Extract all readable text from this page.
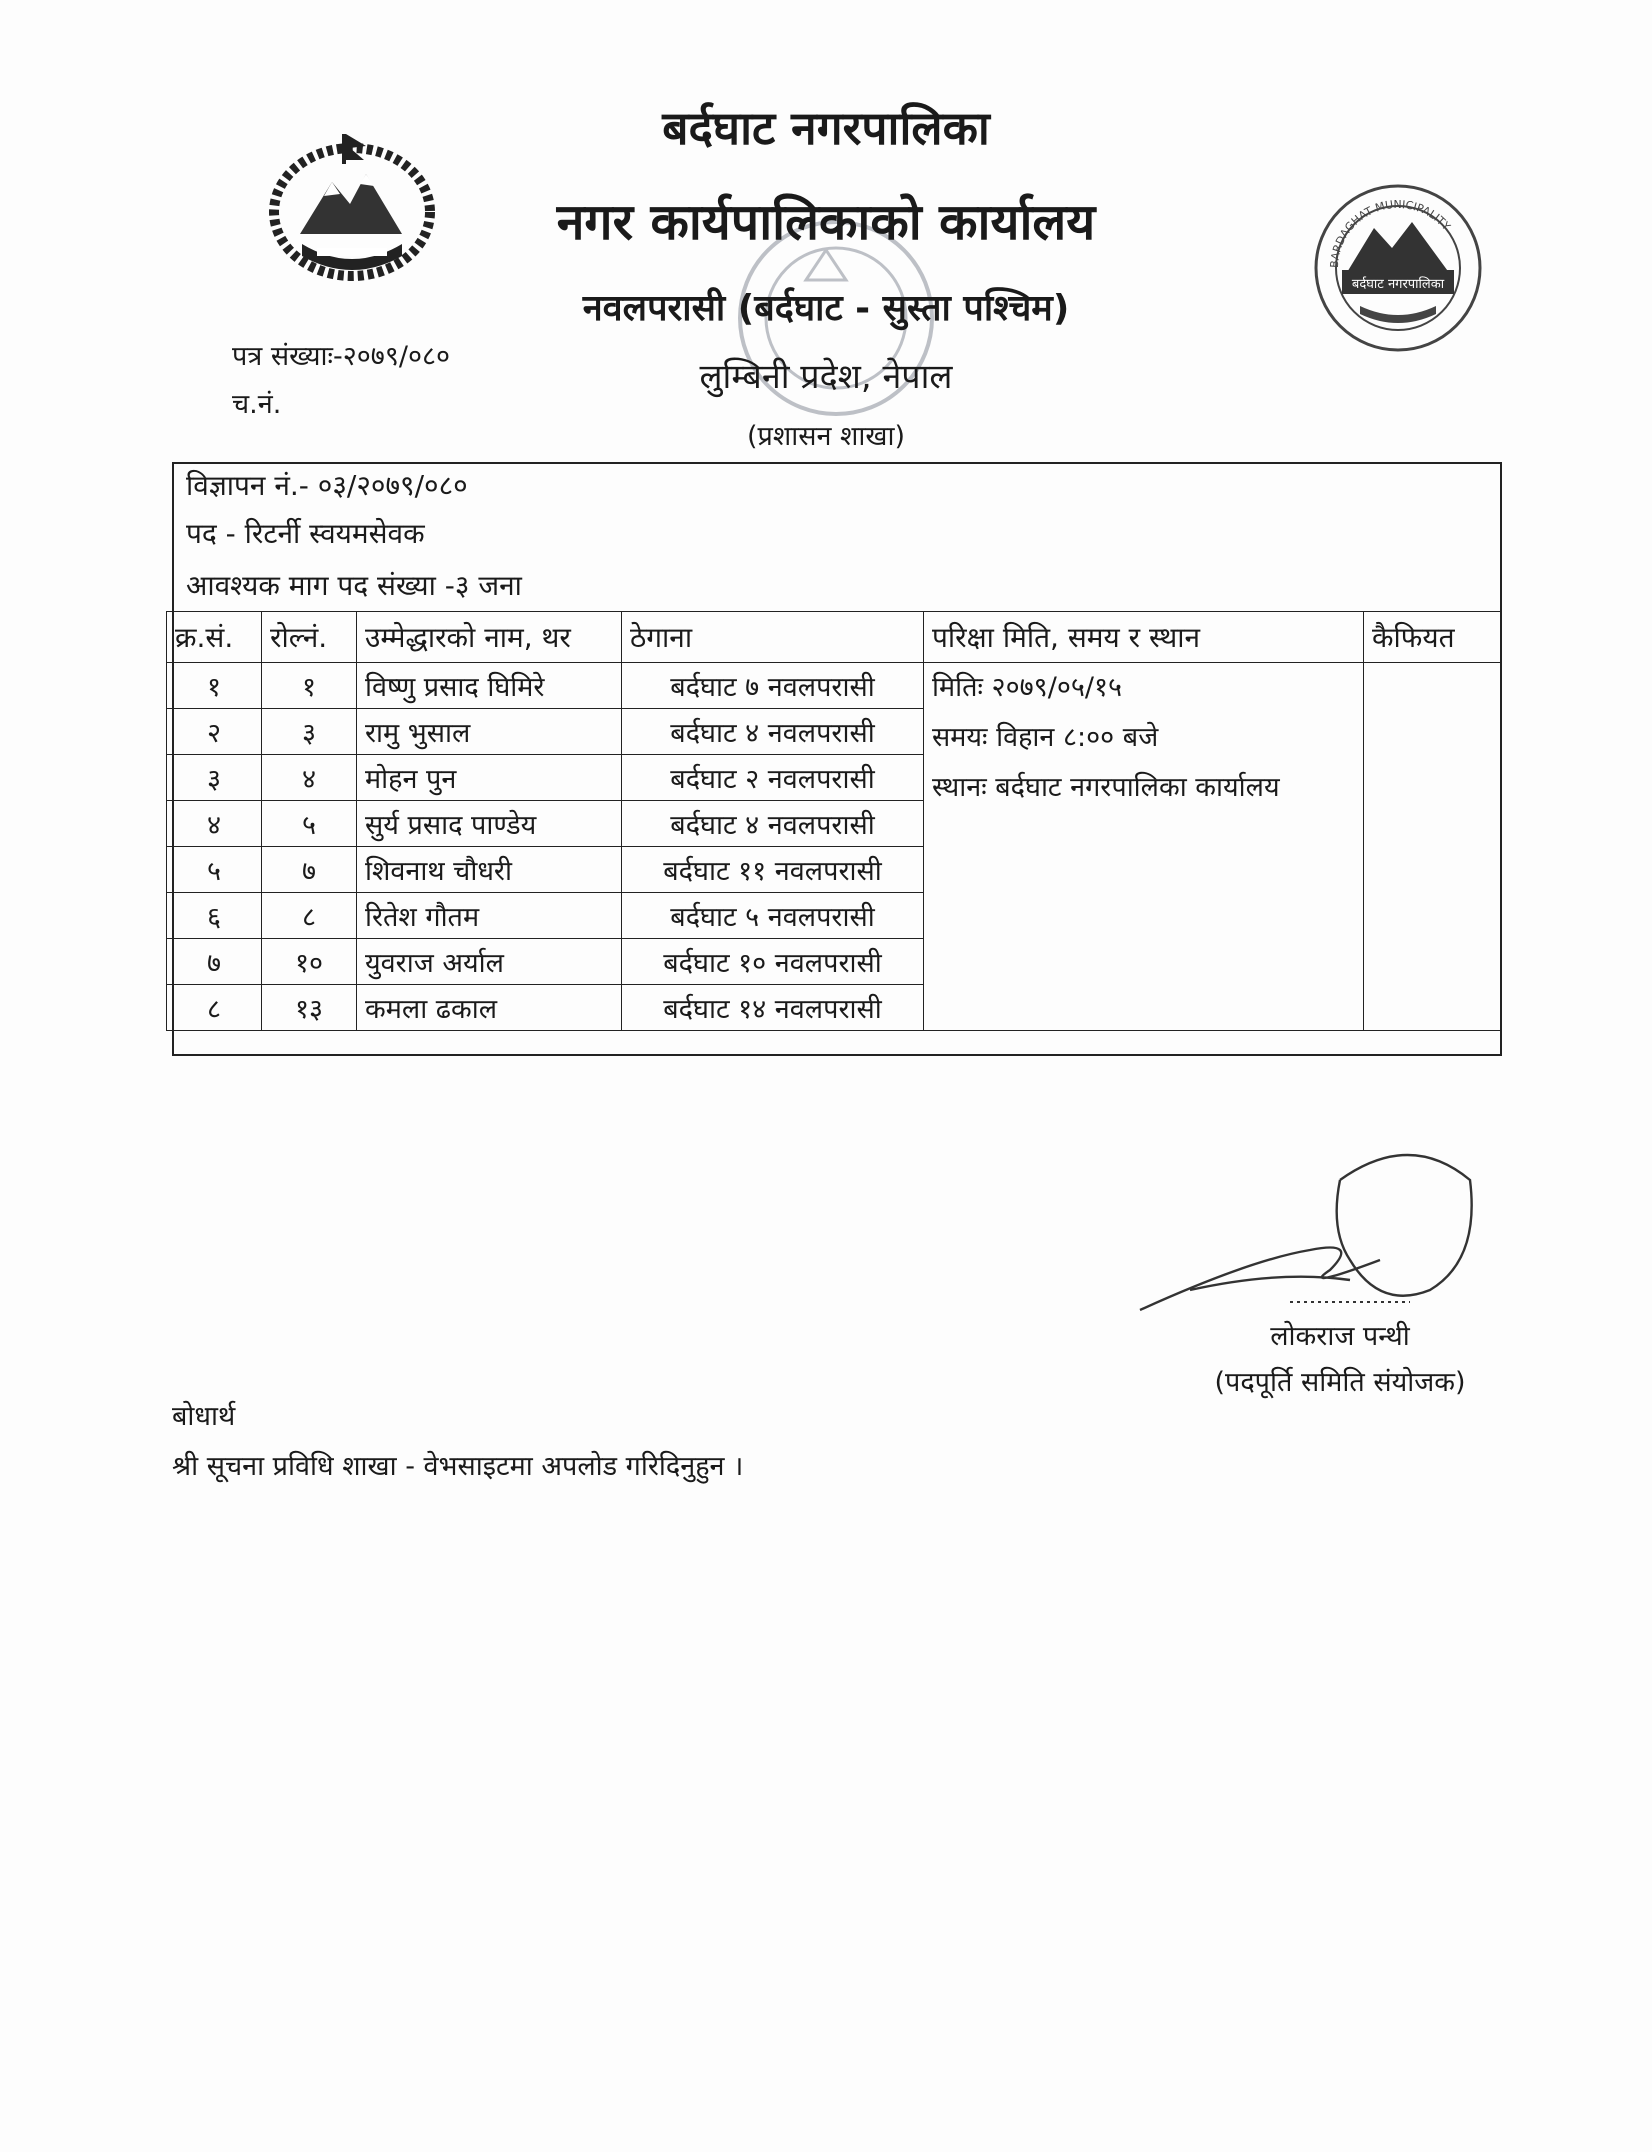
BARDAGHAT MUNICIPALITY
बर्दघाट नगरपालिका
बर्दघाट नगरपालिका
नगर कार्यपालिकाको कार्यालय
नवलपरासी (बर्दघाट - सुस्ता पश्चिम)
लुम्बिनी प्रदेश, नेपाल
(प्रशासन शाखा)
पत्र संख्याः-२०७९/०८०
च.नं.
विज्ञापन नं.- ०३/२०७९/०८०
पद - रिटर्नी स्वयमसेवक
आवश्यक माग पद संख्या -३ जना
क्र.सं.	रोल्नं.	उम्मेद्धारको नाम, थर	ठेगाना	परिक्षा मिति, समय र स्थान	कैफियत
१	१	विष्णु प्रसाद घिमिरे	बर्दघाट ७ नवलपरासी	मितिः २०७९/०५/१५
समयः विहान ८:०० बजे
स्थानः बर्दघाट नगरपालिका कार्यालय	

२	३	रामु भुसाल	बर्दघाट ४ नवलपरासी		
३	४	मोहन पुन	बर्दघाट २ नवलपरासी		
४	५	सुर्य प्रसाद पाण्डेय	बर्दघाट ४ नवलपरासी		
५	७	शिवनाथ चौधरी	बर्दघाट ११ नवलपरासी		
६	८	रितेश गौतम	बर्दघाट ५ नवलपरासी		
७	१०	युवराज अर्याल	बर्दघाट १० नवलपरासी		
८	१३	कमला ढकाल	बर्दघाट १४ नवलपरासी		
लोकराज पन्थी
(पदपूर्ति समिति संयोजक)
बोधार्थ
श्री सूचना प्रविधि शाखा - वेभसाइटमा अपलोड गरिदिनुहुन ।
